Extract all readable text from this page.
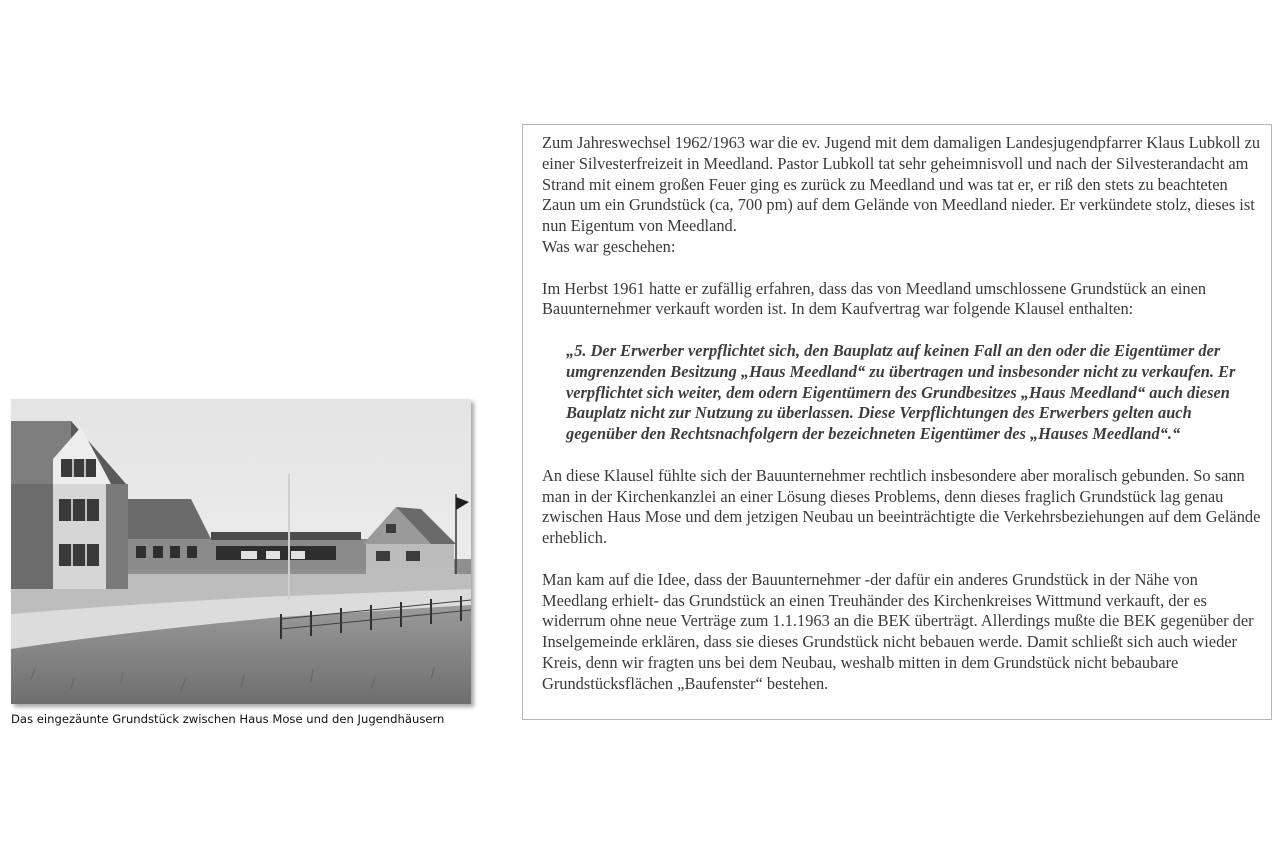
Das eingezäunte Grundstück zwischen Haus Mose und den Jugendhäusern

Zum Jahreswechsel 1962/1963 war die ev. Jugend mit dem damaligen Landesjugendpfarrer Klaus Lubkoll zu einer Silvesterfreizeit in Meedland. Pastor Lubkoll tat sehr geheimnisvoll und nach der Silvesterandacht am Strand mit einem großen Feuer ging es zurück zu Meedland und was tat er, er riß den stets zu beachteten Zaun um ein Grundstück (ca, 700 pm) auf dem Gelände von Meedland nieder. Er verkündete stolz, dieses ist nun Eigentum von Meedland.

Was war geschehen:

Im Herbst 1961 hatte er zufällig erfahren, dass das von Meedland umschlossene Grundstück an einen Bauunternehmer verkauft worden ist. In dem Kaufvertrag war folgende Klausel enthalten:

„5. Der Erwerber verpflichtet sich, den Bauplatz auf keinen Fall an den oder die Eigentümer der umgrenzenden Besitzung „Haus Meedland“ zu übertragen und insbesonder nicht zu verkaufen. Er verpflichtet sich weiter, dem odern Eigentümern des Grundbesitzes „Haus Meedland“ auch diesen Bauplatz nicht zur Nutzung zu überlassen. Diese Verpflichtungen des Erwerbers gelten auch gegenüber den Rechtsnachfolgern der bezeichneten Eigentümer des „Hauses Meedland“.“

An diese Klausel fühlte sich der Bauunternehmer rechtlich insbesondere aber moralisch gebunden. So sann man in der Kirchenkanzlei an einer Lösung dieses Problems, denn dieses fraglich Grundstück lag genau zwischen Haus Mose und dem jetzigen Neubau un beeinträchtigte die Verkehrsbeziehungen auf dem Gelände erheblich.

Man kam auf die Idee, dass der Bauunternehmer -der dafür ein anderes Grundstück in der Nähe von Meedlang erhielt- das Grundstück an einen Treuhänder des Kirchenkreises Wittmund verkauft, der es widerrum ohne neue Verträge zum 1.1.1963 an die BEK überträgt. Allerdings mußte die BEK gegenüber der Inselgemeinde erklären, dass sie dieses Grundstück nicht bebauen werde. Damit schließt sich auch wieder Kreis, denn wir fragten uns bei dem Neubau, weshalb mitten in dem Grundstück nicht bebaubare Grundstücksflächen „Baufenster“ bestehen.
